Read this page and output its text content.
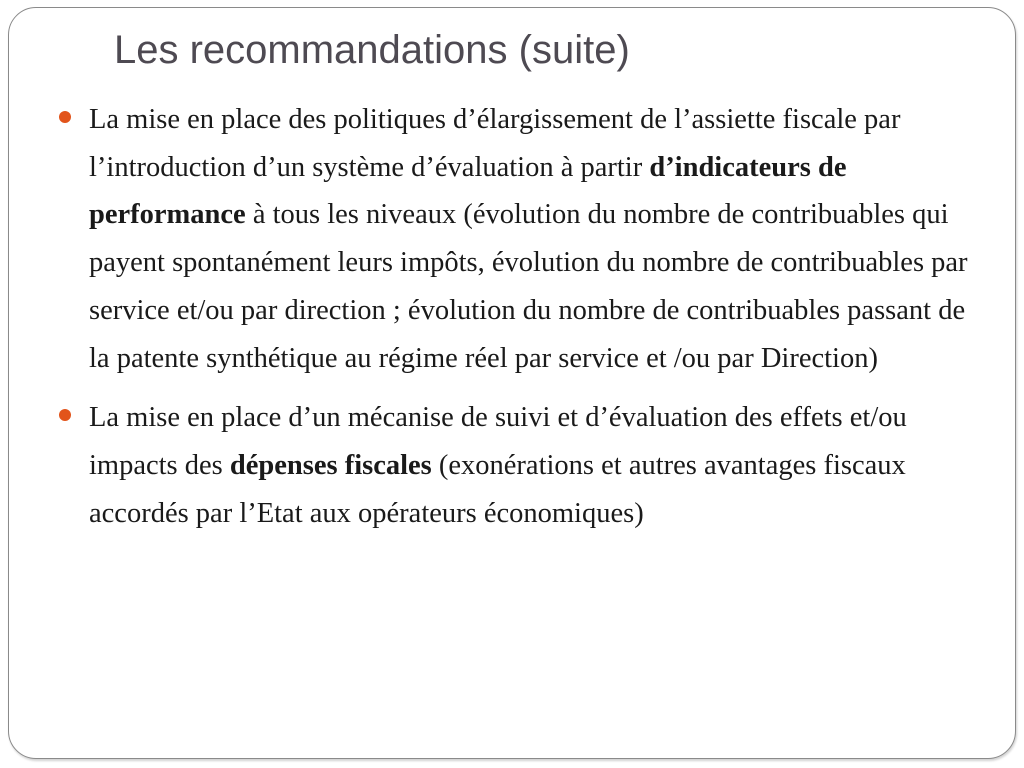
Les recommandations (suite)
La mise en place des politiques d’élargissement de l’assiette fiscale par l’introduction d’un système d’évaluation à partir d’indicateurs de performance à tous les niveaux (évolution du nombre de contribuables qui payent spontanément leurs impôts, évolution du nombre de contribuables par service et/ou par direction ; évolution du nombre de contribuables passant de la patente synthétique au régime réel par service et /ou par Direction)
La mise en place d’un mécanise de suivi et d’évaluation des effets et/ou impacts des dépenses fiscales (exonérations et autres avantages fiscaux accordés par l’Etat aux opérateurs économiques)
